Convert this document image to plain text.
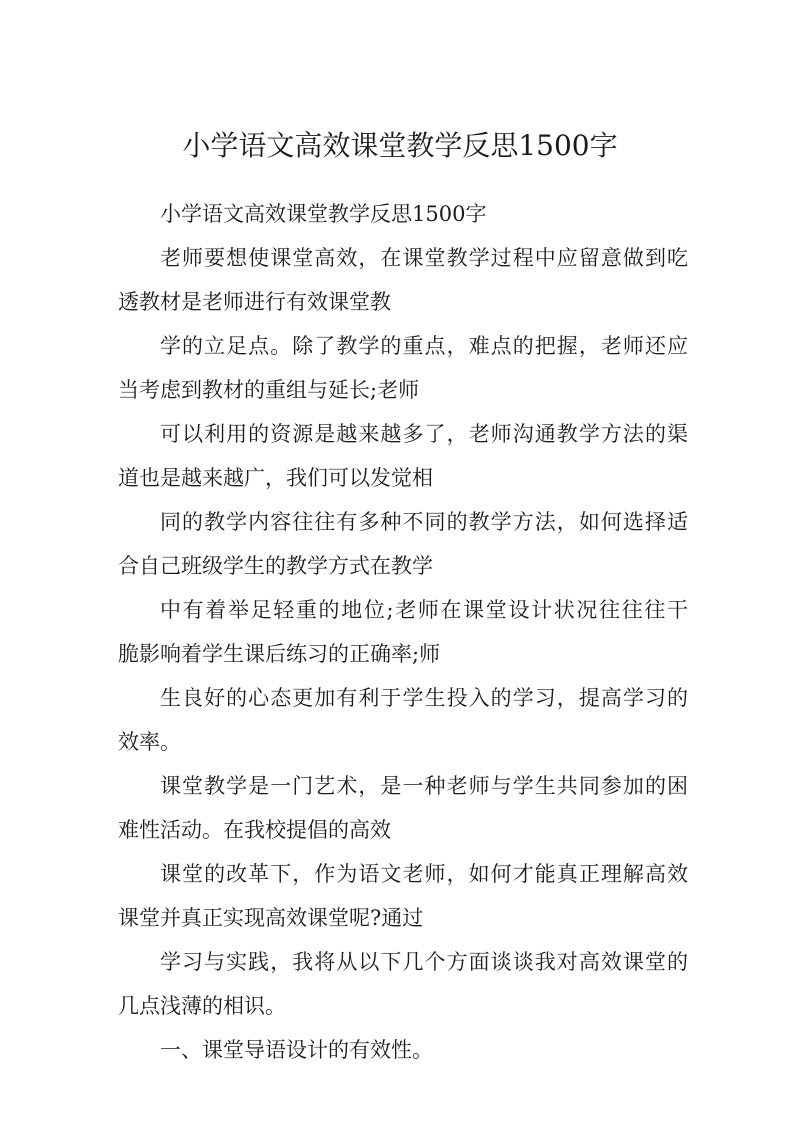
小学语文高效课堂教学反思1500字

小学语文高效课堂教学反思1500字

老师要想使课堂高效，在课堂教学过程中应留意做到吃
透教材是老师进行有效课堂教

学的立足点。除了教学的重点，难点的把握，老师还应
当考虑到教材的重组与延长;老师

可以利用的资源是越来越多了，老师沟通教学方法的渠
道也是越来越广，我们可以发觉相

同的教学内容往往有多种不同的教学方法，如何选择适
合自己班级学生的教学方式在教学

中有着举足轻重的地位;老师在课堂设计状况往往往干
脆影响着学生课后练习的正确率;师

生良好的心态更加有利于学生投入的学习，提高学习的
效率。

课堂教学是一门艺术，是一种老师与学生共同参加的困
难性活动。在我校提倡的高效

课堂的改革下，作为语文老师，如何才能真正理解高效
课堂并真正实现高效课堂呢?通过

学习与实践，我将从以下几个方面谈谈我对高效课堂的
几点浅薄的相识。

一、课堂导语设计的有效性。
